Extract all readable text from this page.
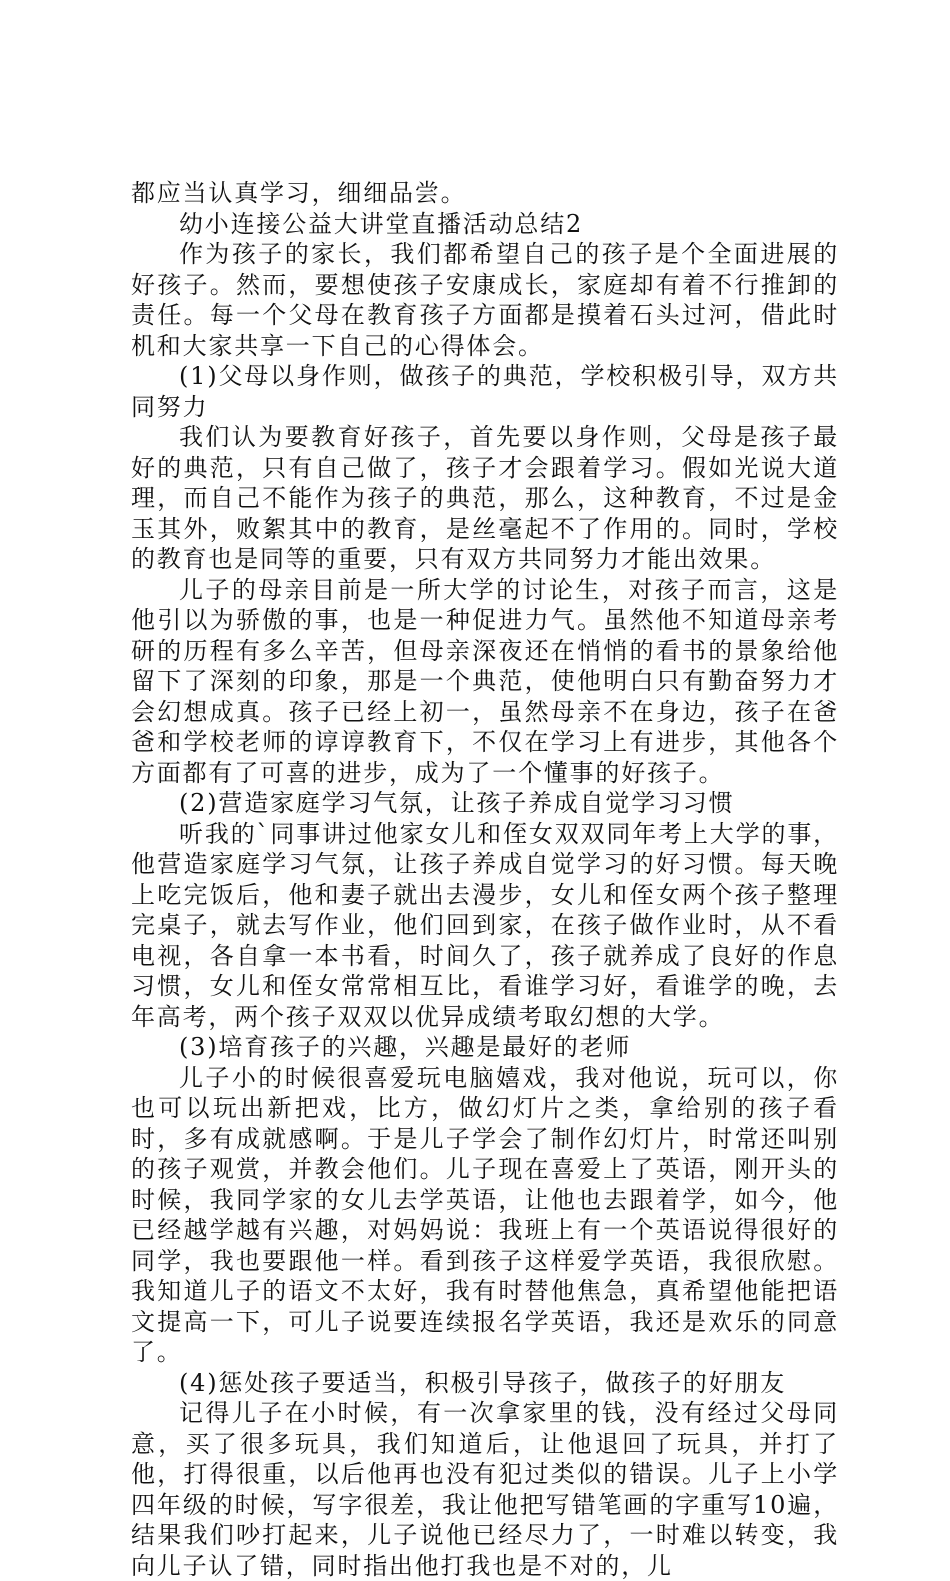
都应当认真学习，细细品尝。

幼小连接公益大讲堂直播活动总结2

作为孩子的家长，我们都希望自己的孩子是个全面进展的好孩子。然而，要想使孩子安康成长，家庭却有着不行推卸的责任。每一个父母在教育孩子方面都是摸着石头过河，借此时机和大家共享一下自己的心得体会。

(1)父母以身作则，做孩子的典范，学校积极引导，双方共同努力

我们认为要教育好孩子，首先要以身作则，父母是孩子最好的典范，只有自己做了，孩子才会跟着学习。假如光说大道理，而自己不能作为孩子的典范，那么，这种教育，不过是金玉其外，败絮其中的教育，是丝毫起不了作用的。同时，学校的教育也是同等的重要，只有双方共同努力才能出效果。

儿子的母亲目前是一所大学的讨论生，对孩子而言，这是他引以为骄傲的事，也是一种促进力气。虽然他不知道母亲考研的历程有多么辛苦，但母亲深夜还在悄悄的看书的景象给他留下了深刻的印象，那是一个典范，使他明白只有勤奋努力才会幻想成真。孩子已经上初一，虽然母亲不在身边，孩子在爸爸和学校老师的谆谆教育下，不仅在学习上有进步，其他各个方面都有了可喜的进步，成为了一个懂事的好孩子。

(2)营造家庭学习气氛，让孩子养成自觉学习习惯

听我的`同事讲过他家女儿和侄女双双同年考上大学的事，他营造家庭学习气氛，让孩子养成自觉学习的好习惯。每天晚上吃完饭后，他和妻子就出去漫步，女儿和侄女两个孩子整理完桌子，就去写作业，他们回到家，在孩子做作业时，从不看电视，各自拿一本书看，时间久了，孩子就养成了良好的作息习惯，女儿和侄女常常相互比，看谁学习好，看谁学的晚，去年高考，两个孩子双双以优异成绩考取幻想的大学。

(3)培育孩子的兴趣，兴趣是最好的老师

儿子小的时候很喜爱玩电脑嬉戏，我对他说，玩可以，你也可以玩出新把戏，比方，做幻灯片之类，拿给别的孩子看时，多有成就感啊。于是儿子学会了制作幻灯片，时常还叫别的孩子观赏，并教会他们。儿子现在喜爱上了英语，刚开头的时候，我同学家的女儿去学英语，让他也去跟着学，如今，他已经越学越有兴趣，对妈妈说：我班上有一个英语说得很好的同学，我也要跟他一样。看到孩子这样爱学英语，我很欣慰。我知道儿子的语文不太好，我有时替他焦急，真希望他能把语文提高一下，可儿子说要连续报名学英语，我还是欢乐的同意了。

(4)惩处孩子要适当，积极引导孩子，做孩子的好朋友

记得儿子在小时候，有一次拿家里的钱，没有经过父母同意，买了很多玩具，我们知道后，让他退回了玩具，并打了他，打得很重，以后他再也没有犯过类似的错误。儿子上小学四年级的时候，写字很差，我让他把写错笔画的字重写10遍，结果我们吵打起来，儿子说他已经尽力了，一时难以转变，我向儿子认了错，同时指出他打我也是不对的，儿
